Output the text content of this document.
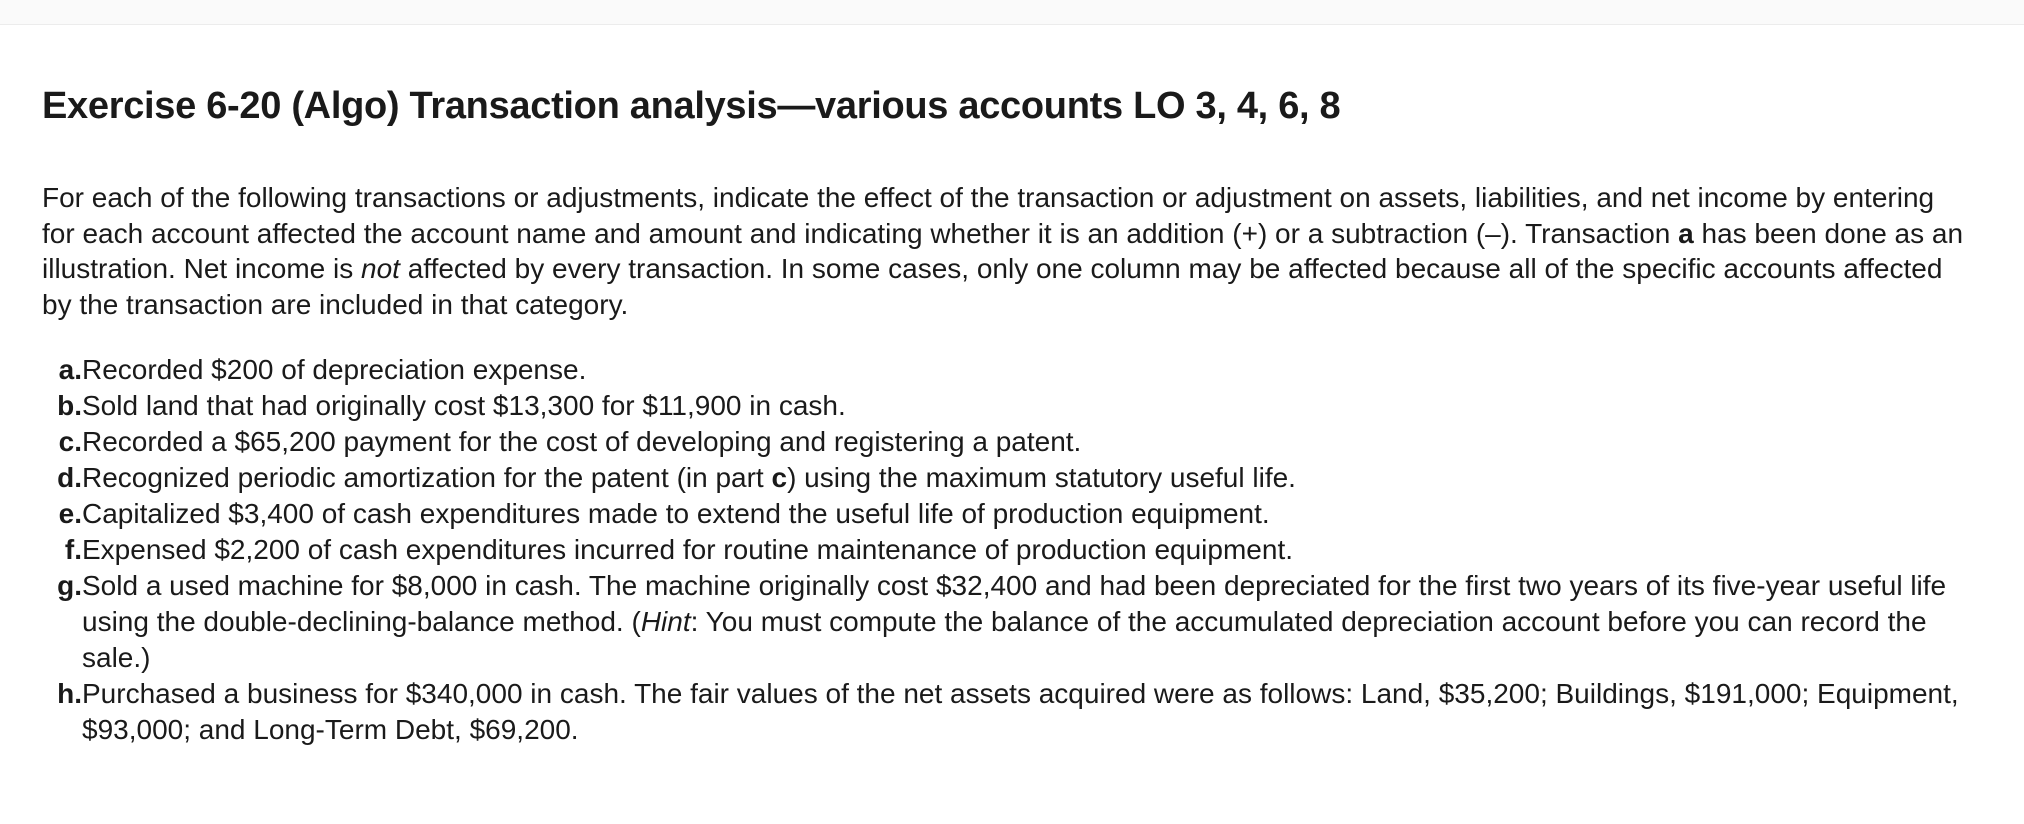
Exercise 6-20 (Algo) Transaction analysis—various accounts LO 3, 4, 6, 8

For each of the following transactions or adjustments, indicate the effect of the transaction or adjustment on assets, liabilities, and net income by entering for each account affected the account name and amount and indicating whether it is an addition (+) or a subtraction (–). Transaction a has been done as an illustration. Net income is not affected by every transaction. In some cases, only one column may be affected because all of the specific accounts affected by the transaction are included in that category.

a. Recorded $200 of depreciation expense.
b. Sold land that had originally cost $13,300 for $11,900 in cash.
c. Recorded a $65,200 payment for the cost of developing and registering a patent.
d. Recognized periodic amortization for the patent (in part c) using the maximum statutory useful life.
e. Capitalized $3,400 of cash expenditures made to extend the useful life of production equipment.
f. Expensed $2,200 of cash expenditures incurred for routine maintenance of production equipment.
g. Sold a used machine for $8,000 in cash. The machine originally cost $32,400 and had been depreciated for the first two years of its five-year useful life using the double-declining-balance method. (Hint: You must compute the balance of the accumulated depreciation account before you can record the sale.)
h. Purchased a business for $340,000 in cash. The fair values of the net assets acquired were as follows: Land, $35,200; Buildings, $191,000; Equipment, $93,000; and Long-Term Debt, $69,200.
